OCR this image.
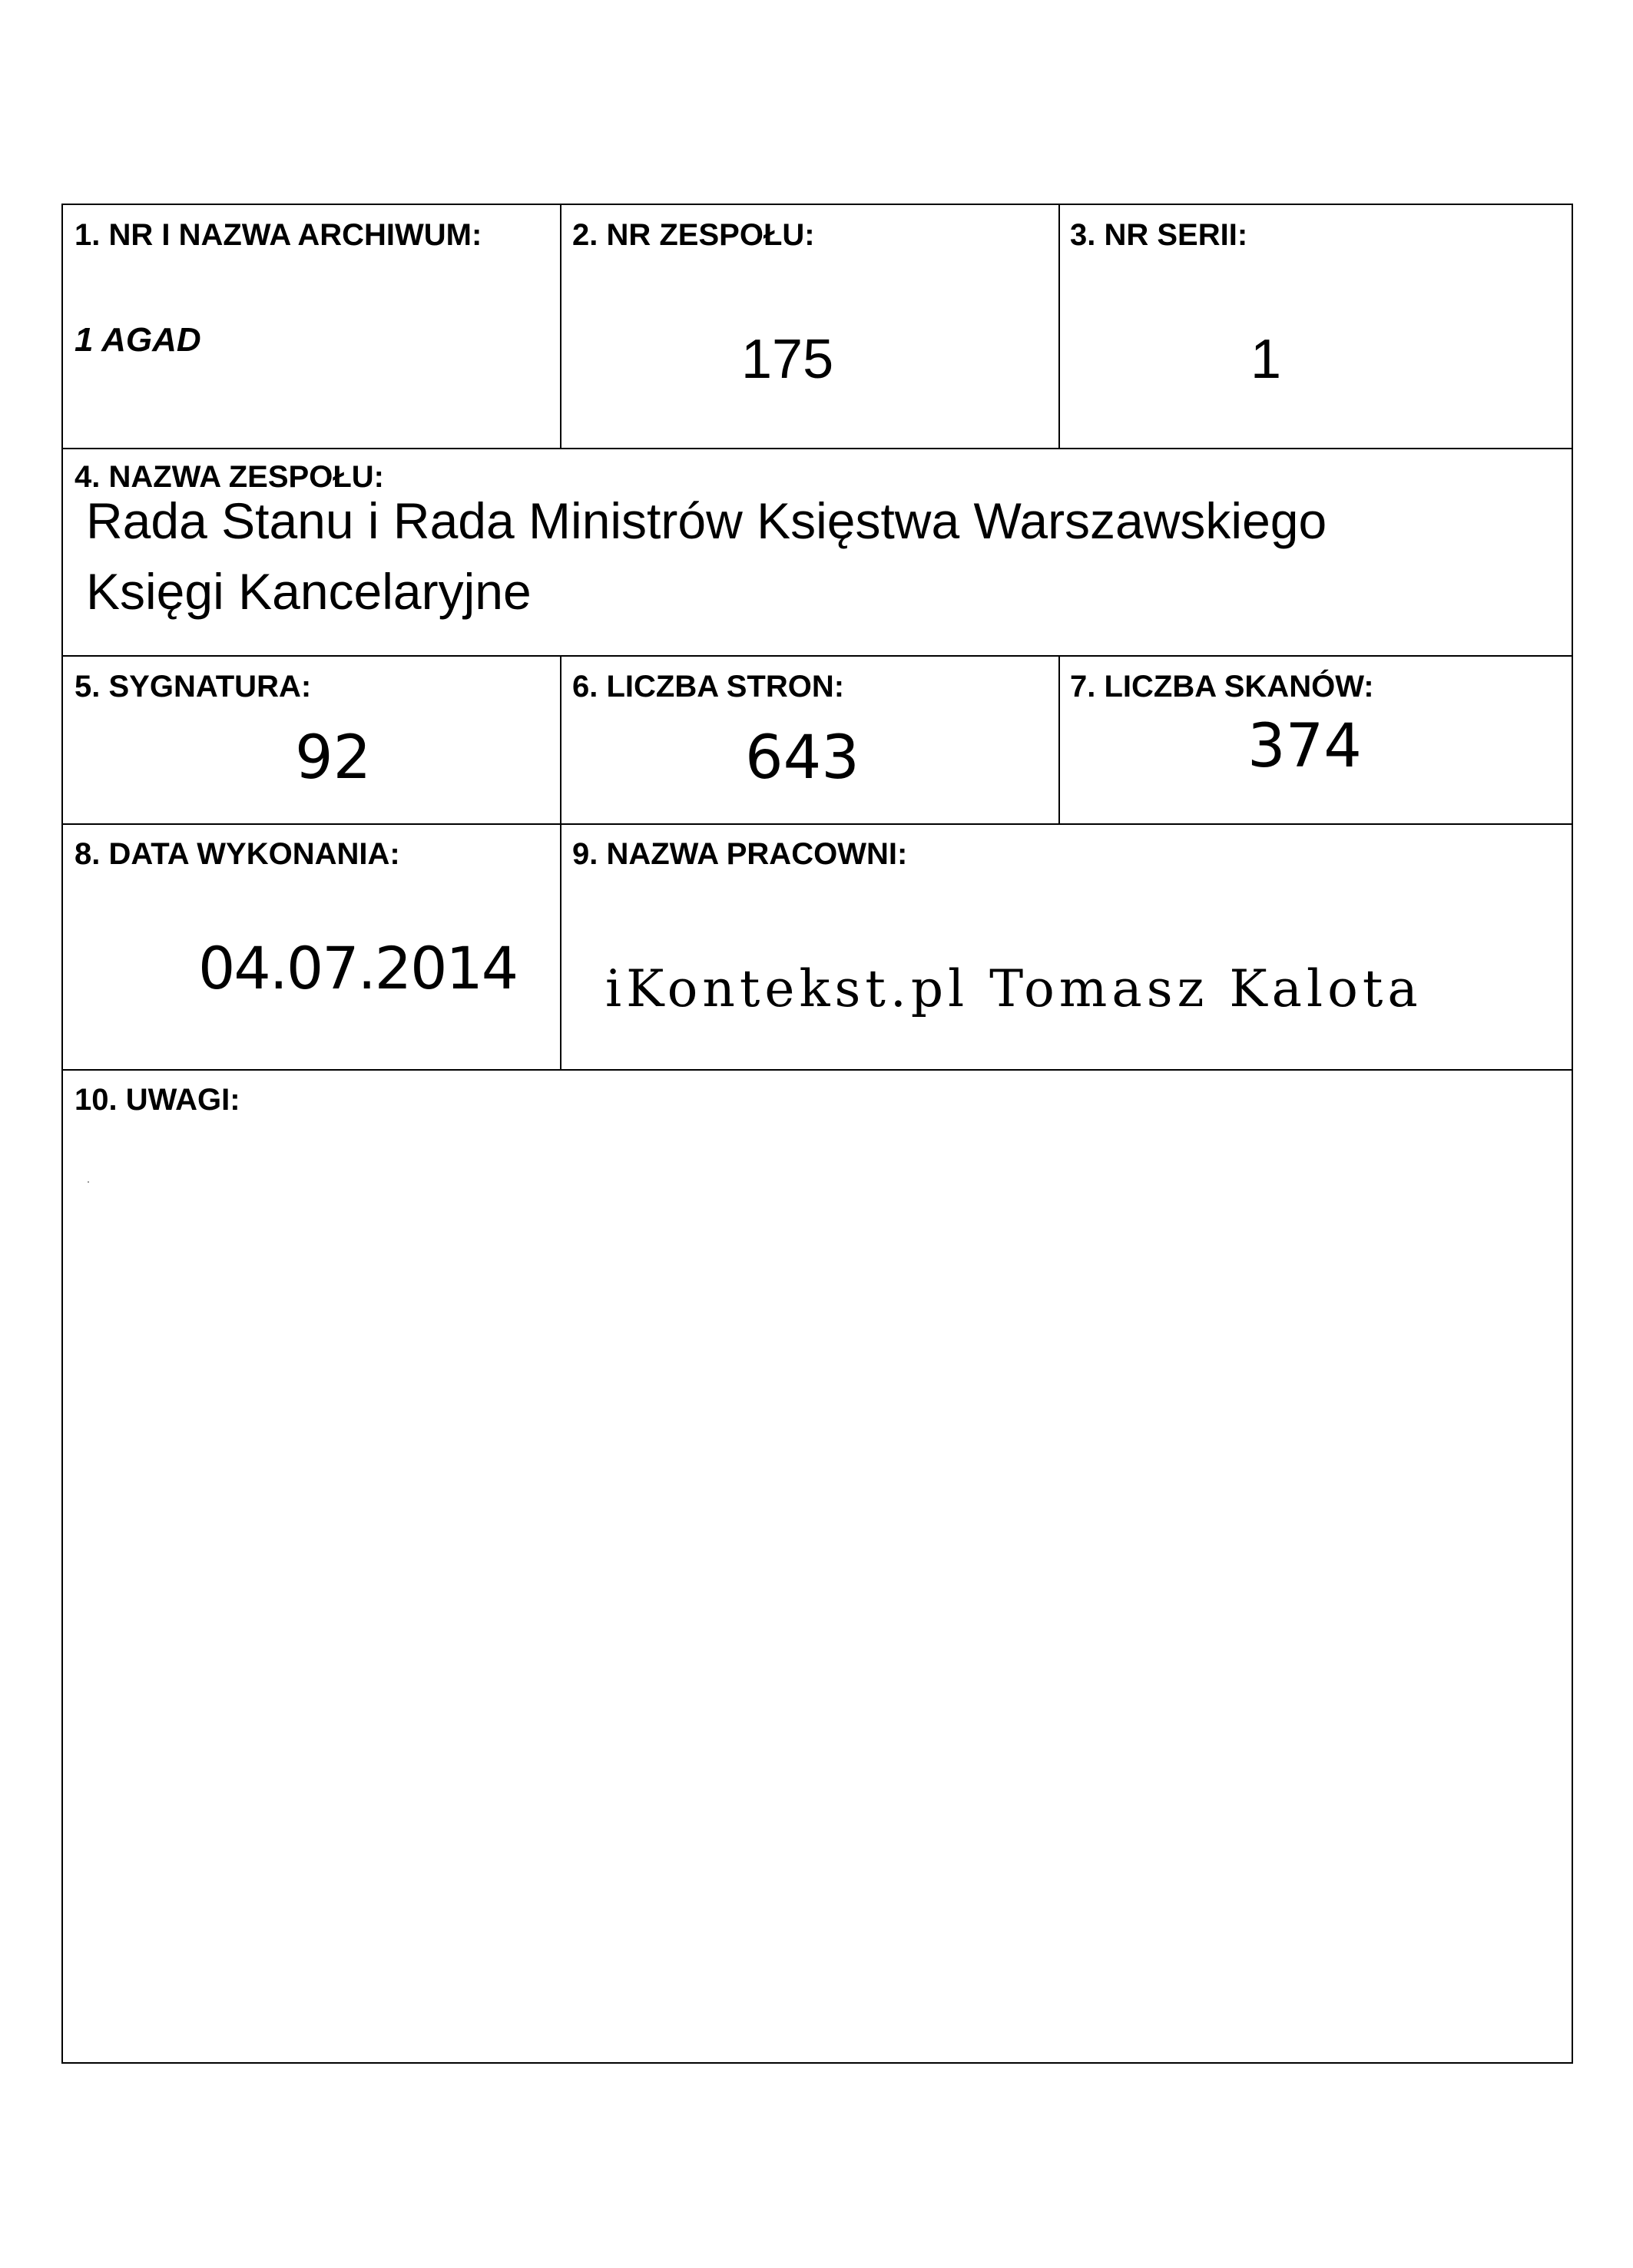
1. NR I NAZWA ARCHIWUM:
1 AGAD
2. NR ZESPOŁU:
175
3. NR SERII:
1
4. NAZWA ZESPOŁU:
Rada Stanu i Rada Ministrów Księstwa Warszawskiego
Księgi Kancelaryjne
5. SYGNATURA:
92
6. LICZBA STRON:
643
7. LICZBA SKANÓW:
374
8. DATA WYKONANIA:
04.07.2014
9. NAZWA PRACOWNI:
iKontekst.pl Tomasz Kalota
10. UWAGI:
